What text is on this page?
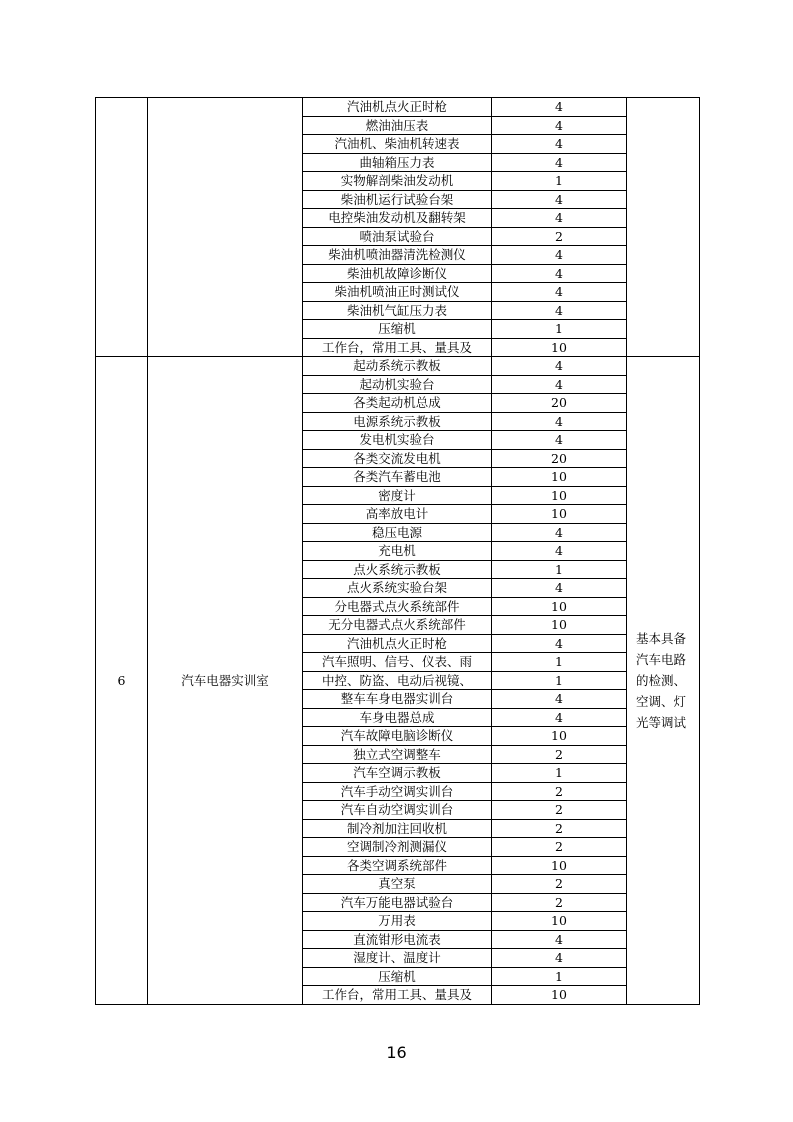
		汽油机点火正时枪	4	
		燃油油压表	4	
		汽油机、柴油机转速表	4	
		曲轴箱压力表	4	
		实物解剖柴油发动机	1	
		柴油机运行试验台架	4	
		电控柴油发动机及翻转架	4	
		喷油泵试验台	2	
		柴油机喷油器清洗检测仪	4	
		柴油机故障诊断仪	4	
		柴油机喷油正时测试仪	4	
		柴油机气缸压力表	4	
		压缩机	1	
		工作台，常用工具、量具及	10	
6	汽车电器实训室	起动系统示教板	4	基本具备汽车电路的检测、空调、灯光等调试

		起动机实验台	4	
		各类起动机总成	20	
		电源系统示教板	4	
		发电机实验台	4	
		各类交流发电机	20	
		各类汽车蓄电池	10	
		密度计	10	
		高率放电计	10	
		稳压电源	4	
		充电机	4	
		点火系统示教板	1	
		点火系统实验台架	4	
		分电器式点火系统部件	10	
		无分电器式点火系统部件	10	
		汽油机点火正时枪	4	
		汽车照明、信号、仪表、雨	1	
		中控、防盗、电动后视镜、	1	
		整车车身电器实训台	4	
		车身电器总成	4	
		汽车故障电脑诊断仪	10	
		独立式空调整车	2	
		汽车空调示教板	1	
		汽车手动空调实训台	2	
		汽车自动空调实训台	2	
		制冷剂加注回收机	2	
		空调制冷剂测漏仪	2	
		各类空调系统部件	10	
		真空泵	2	
		汽车万能电器试验台	2	
		万用表	10	
		直流钳形电流表	4	
		湿度计、温度计	4	
		压缩机	1	
		工作台，常用工具、量具及	10	
16
